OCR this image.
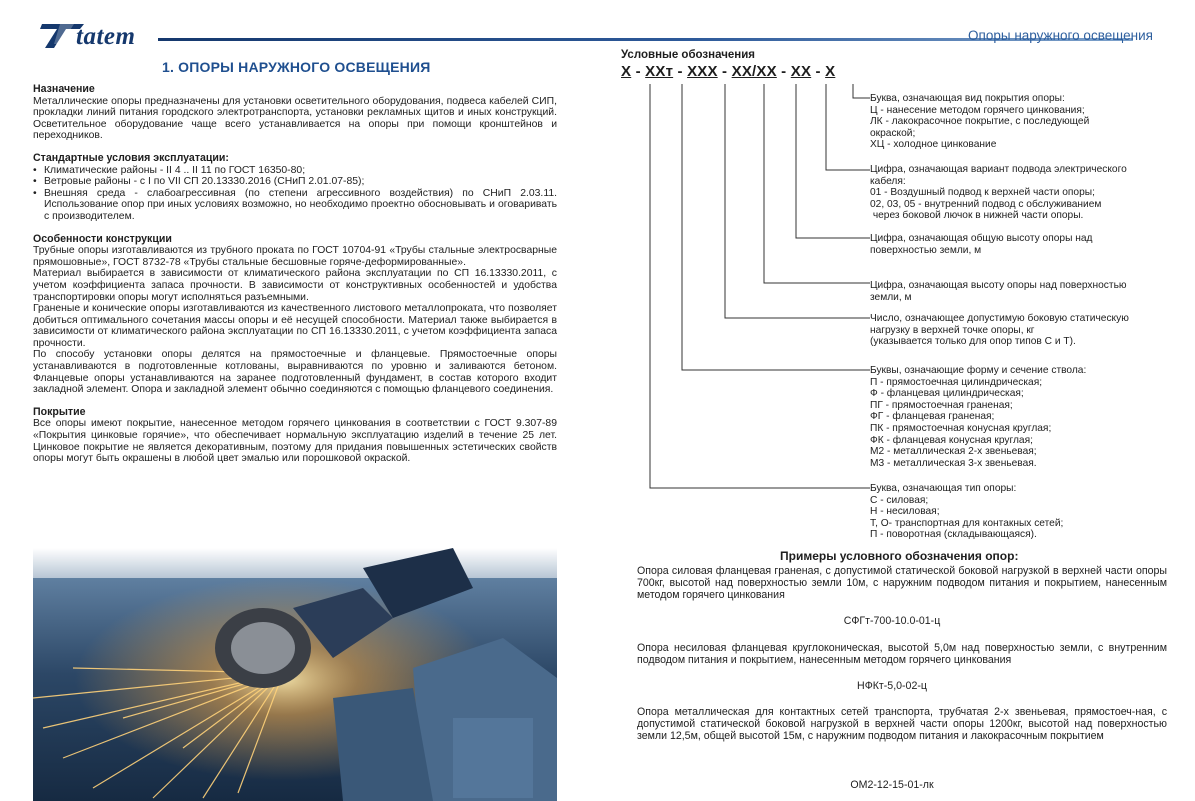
tatem	Опоры наружного освещения
1. ОПОРЫ НАРУЖНОГО ОСВЕЩЕНИЯ
Назначение

Металлические опоры предназначены для установки осветительного оборудования, подвеса кабелей СИП, прокладки линий питания городского электротранспорта, установки рекламных щитов и иных конструкций. Осветительное оборудование чаще всего устанавливается на опоры при помощи кронштейнов и переходников.

Стандартные условия эксплуатации:
• Климатические районы - II 4 .. II 11 по ГОСТ 16350-80;
• Ветровые районы - с I по VII СП 20.13330.2016 (СНиП 2.01.07-85);
• Внешняя среда - слабоагрессивная (по степени агрессивного воздействия) по СНиП 2.03.11. Использование опор при иных условиях возможно, но необходимо проектно обосновывать и оговаривать с производителем.
Особенности конструкции

Трубные опоры изготавливаются из трубного проката по ГОСТ 10704-91 «Трубы стальные электросварные прямошовные», ГОСТ 8732-78 «Трубы стальные бесшовные горяче-деформированные».

Материал выбирается в зависимости от климатического района эксплуатации по СП 16.13330.2011, с учетом коэффициента запаса прочности. В зависимости от конструктивных особенностей и удобства транспортировки опоры могут исполняться разъемными.

Граненые и конические опоры изготавливаются из качественного листового металлопроката, что позволяет добиться оптимального сочетания массы опоры и её несущей способности. Материал также выбирается в зависимости от климатического района эксплуатации по СП 16.13330.2011, с учетом коэффициента запаса прочности.

По способу установки опоры делятся на прямостоечные и фланцевые. Прямостоечные опоры устанавливаются в подготовленные котлованы, выравниваются по уровню и заливаются бетоном. Фланцевые опоры устанавливаются на заранее подготовленный фундамент, в состав которого входит закладной элемент. Опора и закладной элемент обычно соединяются с помощью фланцевого соединения.

Покрытие

Все опоры имеют покрытие, нанесенное методом горячего цинкования в соответствии с ГОСТ 9.307-89 «Покрытия цинковые горячие», что обеспечивает нормальную эксплуатацию изделий в течение 25 лет. Цинковое покрытие не является декоративным, поэтому для придания повышенных эстетических свойств опоры могут быть окрашены в любой цвет эмалью или порошковой окраской.

Условные обозначения
Х - ХХт - ХХХ - ХХ/ХХ - ХХ - Х
Буква, означающая вид покрытия опоры:
Ц - нанесение методом горячего цинкования;
ЛК - лакокрасочное покрытие, с последующей
окраской;
ХЦ - холодное цинкование
Цифра, означающая вариант подвода электрического
кабеля:
01 - Воздушный подвод к верхней части опоры;
02, 03, 05 - внутренний подвод с обслуживанием
через боковой лючок в нижней части опоры.
Цифра, означающая общую высоту опоры над
поверхностью земли, м
Цифра, означающая высоту опоры над поверхностью
земли, м
Число, означающее допустимую боковую статическую
нагрузку в верхней точке опоры, кг
(указывается только для опор типов С и Т).
Буквы, означающие форму и сечение ствола:
П - прямостоечная цилиндрическая;
Ф - фланцевая цилиндрическая;
ПГ - прямостоечная граненая;
ФГ - фланцевая граненая;
ПК - прямостоечная конусная круглая;
ФК - фланцевая конусная круглая;
М2 - металлическая 2-х звеньевая;
М3 - металлическая 3-х звеньевая.
Буква, означающая тип опоры:
С - силовая;
Н - несиловая;
Т, О- транспортная для контакных сетей;
П - поворотная (складывающаяся).
Примеры условного обозначения опор:
Опора силовая фланцевая граненая, с допустимой статической боковой нагрузкой в верхней части опоры 700кг, высотой над поверхностью земли 10м, с наружним подводом питания и покрытием, нанесенным методом горячего цинкования
СФГт-700-10.0-01-ц
Опора несиловая фланцевая круглоконическая, высотой 5,0м над поверхностью земли, с внутренним подводом питания и покрытием, нанесенным методом горячего цинкования
НФКт-5,0-02-ц
Опора металлическая для контактных сетей транспорта, трубчатая 2-х звеньевая, прямостоеч-ная, с допустимой статической боковой нагрузкой в верхней части опоры 1200кг, высотой над поверхностью земли 12,5м, общей высотой 15м, с наружним подводом питания и лакокрасочным покрытием
ОМ2-12-15-01-лк
